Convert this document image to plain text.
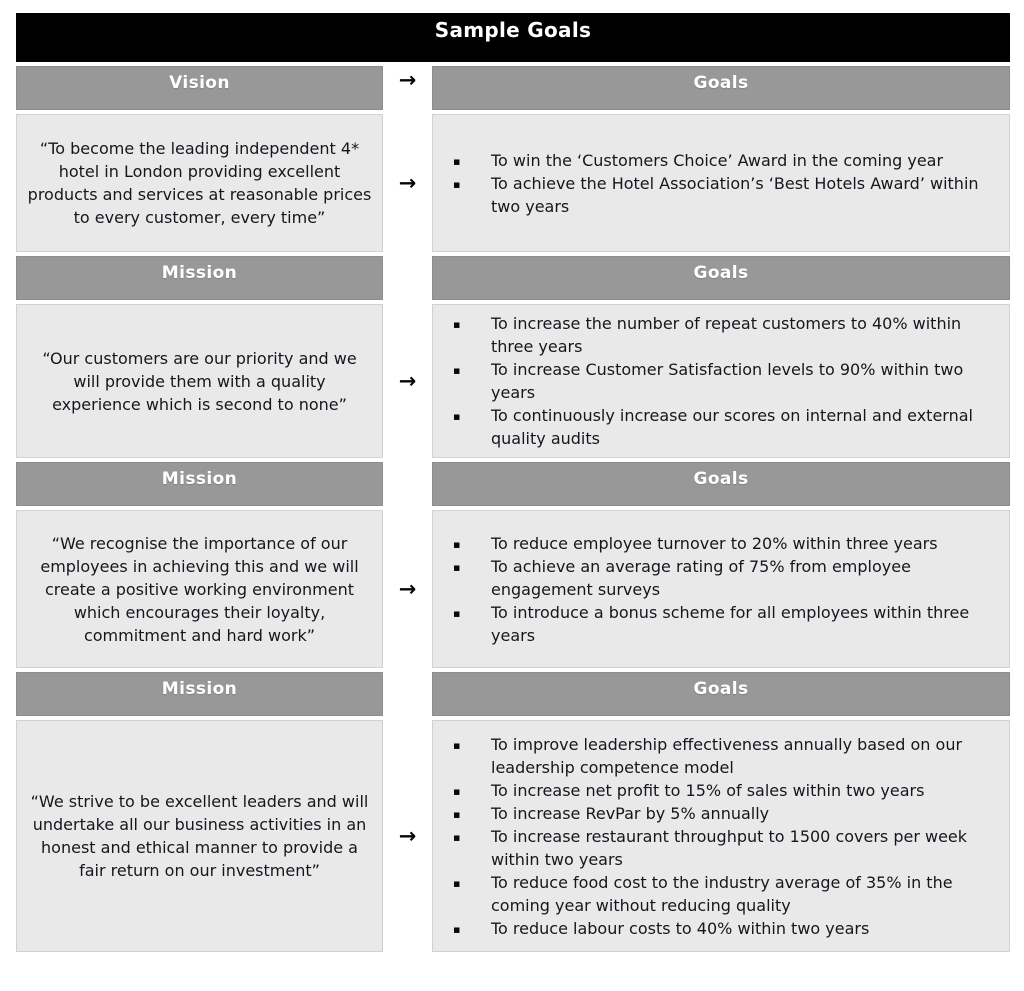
Sample Goals
Vision	→	Goals
“To become the leading independent 4* hotel in London providing excellent products and services at reasonable prices to every customer, every time”
→
▪ To win the ‘Customers Choice’ Award in the coming year
▪ To achieve the Hotel Association’s ‘Best Hotels Award’ within two years
Mission	Goals
“Our customers are our priority and we will provide them with a quality experience which is second to none”
→
▪ To increase the number of repeat customers to 40% within three years
▪ To increase Customer Satisfaction levels to 90% within two years
▪ To continuously increase our scores on internal and external quality audits
Mission	Goals
“We recognise the importance of our employees in achieving this and we will create a positive working environment which encourages their loyalty, commitment and hard work”
→
▪ To reduce employee turnover to 20% within three years
▪ To achieve an average rating of 75% from employee engagement surveys
▪ To introduce a bonus scheme for all employees within three years
Mission	Goals
“We strive to be excellent leaders and will undertake all our business activities in an honest and ethical manner to provide a fair return on our investment”
→
▪ To improve leadership effectiveness annually based on our leadership competence model
▪ To increase net profit to 15% of sales within two years
▪ To increase RevPar by 5% annually
▪ To increase restaurant throughput to 1500 covers per week within two years
▪ To reduce food cost to the industry average of 35% in the coming year without reducing quality
▪ To reduce labour costs to 40% within two years
